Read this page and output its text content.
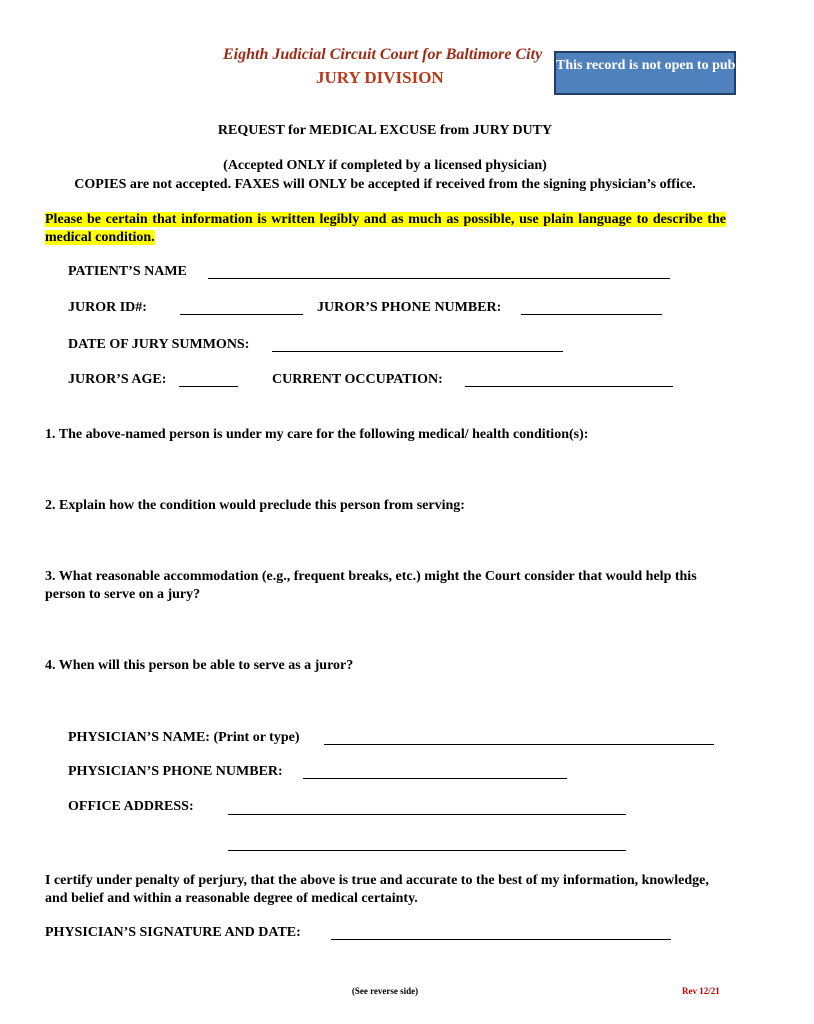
Eighth Judicial Circuit Court for Baltimore City
JURY DIVISION
This record is not open to public inspection
REQUEST for MEDICAL EXCUSE from JURY DUTY
(Accepted ONLY if completed by a licensed physician)
COPIES are not accepted. FAXES will ONLY be accepted if received from the signing physician’s office.
Please be certain that information is written legibly and as much as possible, use plain language to describe the medical condition.
PATIENT’S NAME
JUROR ID#:	JUROR’S PHONE NUMBER:
DATE OF JURY SUMMONS:
JUROR’S AGE:	CURRENT OCCUPATION:
1. The above-named person is under my care for the following medical/ health condition(s):
2. Explain how the condition would preclude this person from serving:
3. What reasonable accommodation (e.g., frequent breaks, etc.) might the Court consider that would help this person to serve on a jury?
4. When will this person be able to serve as a juror?
PHYSICIAN’S NAME: (Print or type)
PHYSICIAN’S PHONE NUMBER:
OFFICE ADDRESS:
I certify under penalty of perjury, that the above is true and accurate to the best of my information, knowledge, and belief and within a reasonable degree of medical certainty.
PHYSICIAN’S SIGNATURE AND DATE:
(See reverse side)	Rev 12/21
